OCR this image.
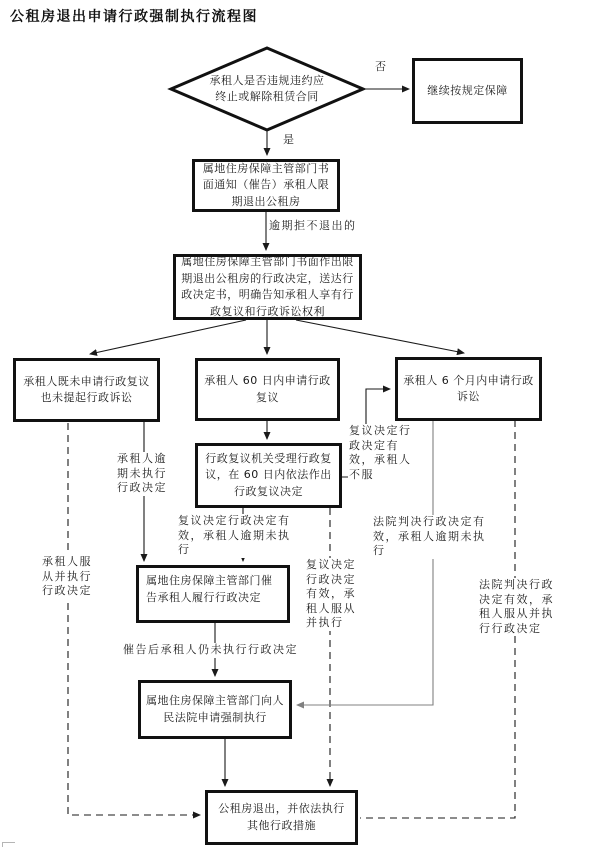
公租房退出申请行政强制执行流程图
承租人是否违规违约应终止或解除租赁合同	继续按规定保障
属地住房保障主管部门书面通知（催告）承租人限期退出公租房
属地住房保障主管部门书面作出限期退出公租房的行政决定，送达行政决定书，明确告知承租人享有行政复议和行政诉讼权利
承租人既未申请行政复议也未提起行政诉讼
承租人 60 日内申请行政复议
承租人 6 个月内申请行政诉讼
行政复议机关受理行政复议，在 60 日内依法作出行政复议决定
属地住房保障主管部门催告承租人履行行政决定
属地住房保障主管部门向人民法院申请强制执行
公租房退出，并依法执行其他行政措施
否
是
逾期拒不退出的
承租人逾期未执行行政决定
承租人服从并执行行政决定
复议决定行政决定有效，承租人不服
复议决定行政决定有效，承租人逾期未执行
复议决定行政决定有效，承租人服从并执行
法院判决行政决定有效，承租人逾期未执行
法院判决行政决定有效，承租人服从并执行行政决定
催告后承租人仍未执行行政决定
